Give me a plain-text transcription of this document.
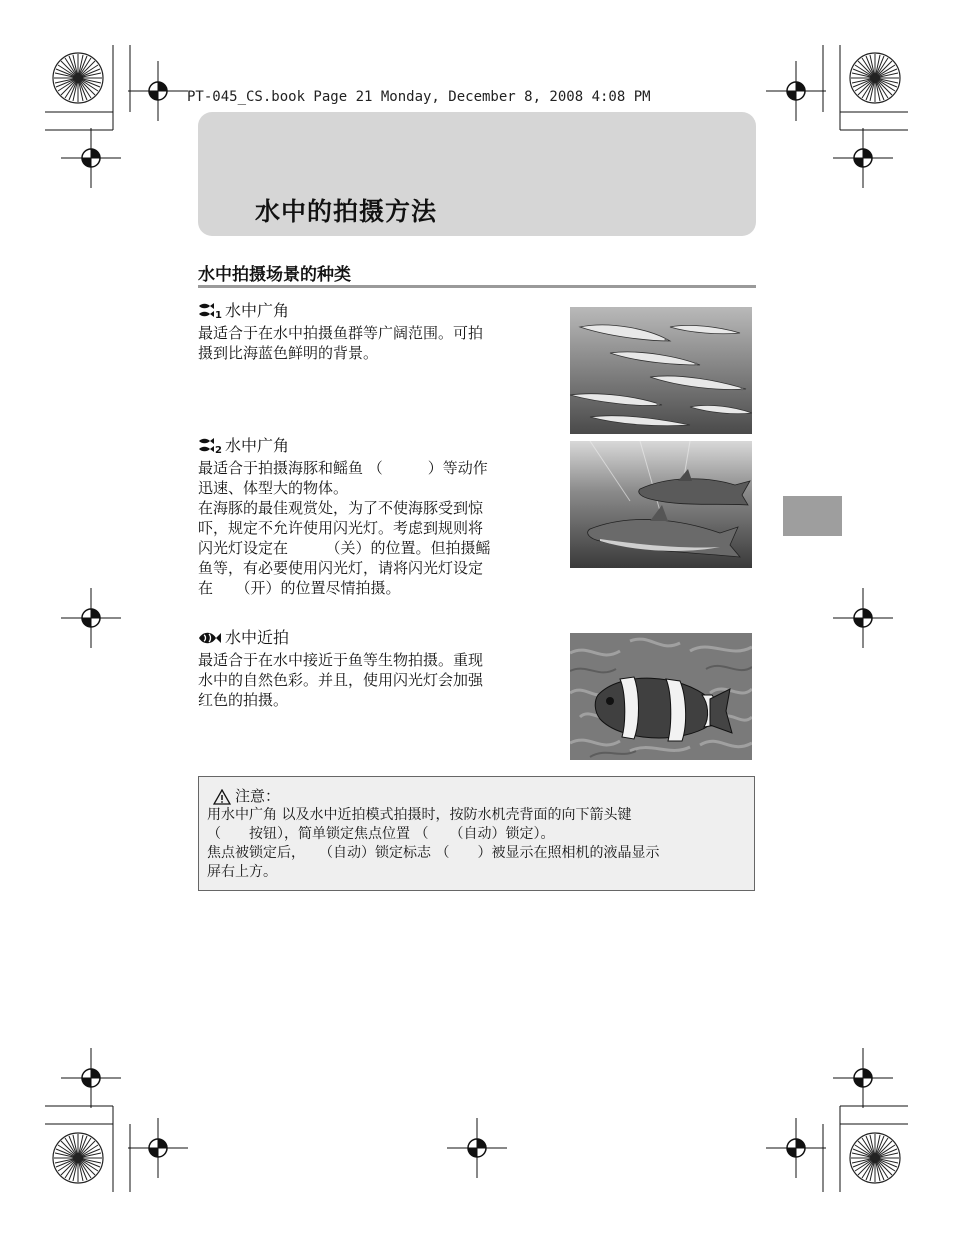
PT-045_CS.book Page 21 Monday, December 8, 2008 4:08 PM
水中的拍摄方法
水中拍摄场景的种类
1 水中广角

最适合于在水中拍摄鱼群等广阔范围。可拍

摄到比海蓝色鲜明的背景。

2 水中广角

最适合于拍摄海豚和鳐鱼 （　　　）等动作

迅速、体型大的物体。

在海豚的最佳观赏处，为了不使海豚受到惊

吓，规定不允许使用闪光灯。考虑到规则将

闪光灯设定在　　　（关）的位置。但拍摄鳐

鱼等，有必要使用闪光灯，请将闪光灯设定

在　　（开）的位置尽情拍摄。

水中近拍

最适合于在水中接近于鱼等生物拍摄。重现

水中的自然色彩。并且，使用闪光灯会加强

红色的拍摄。

注意：

用水中广角 以及水中近拍模式拍摄时，按防水机壳背面的向下箭头键

（　　按钮），简单锁定焦点位置 （　　（自动）锁定）。

焦点被锁定后，　　（自动）锁定标志 （　　）被显示在照相机的液晶显示

屏右上方。
